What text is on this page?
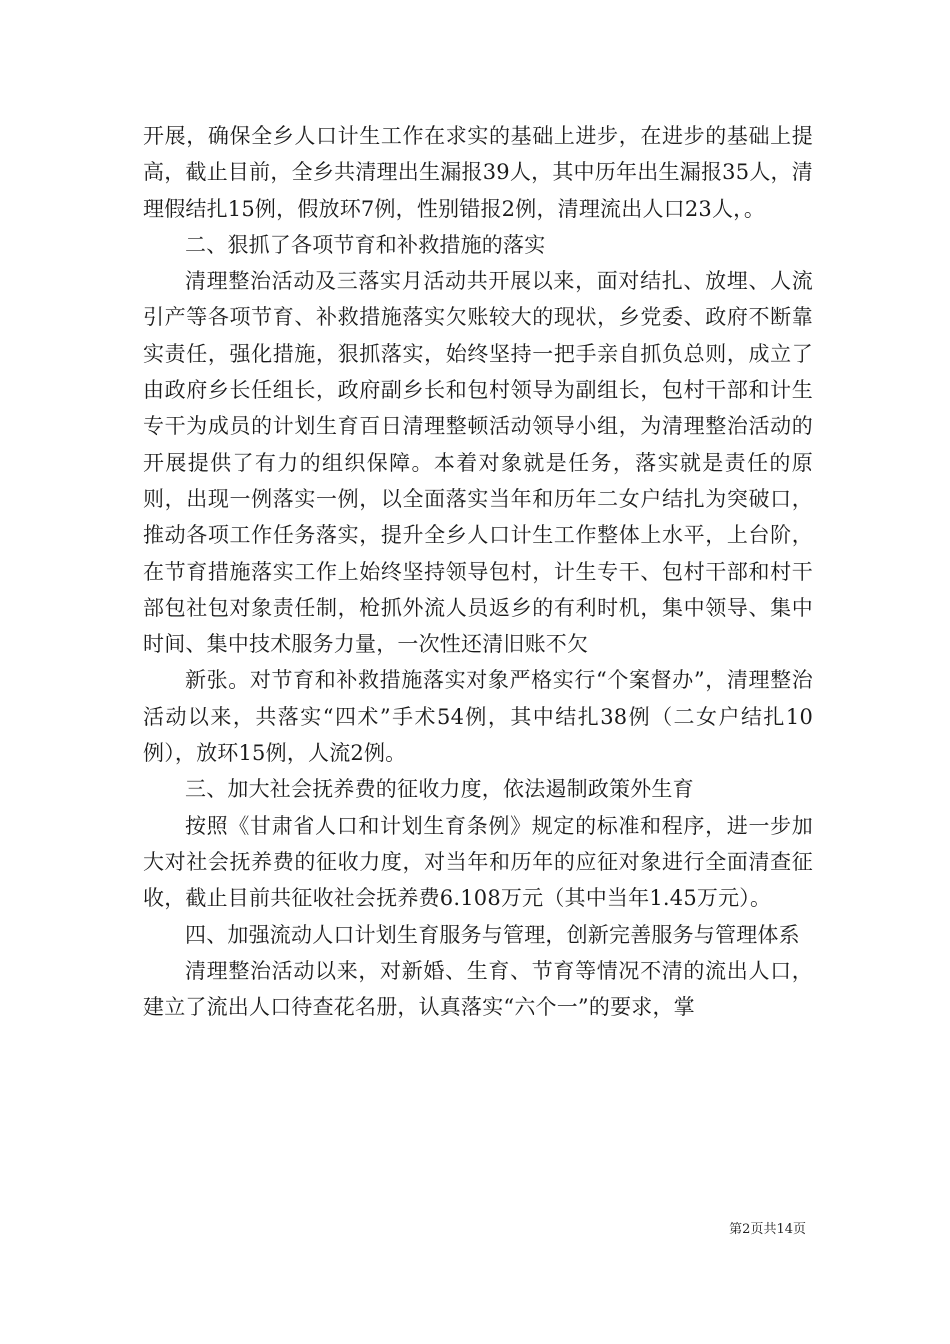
开展，确保全乡人口计生工作在求实的基础上进步，在进步的基础上提高，截止目前，全乡共清理出生漏报39人，其中历年出生漏报35人，清理假结扎15例，假放环7例，性别错报2例，清理流出人口23人，。

二、狠抓了各项节育和补救措施的落实

清理整治活动及三落实月活动共开展以来，面对结扎、放埋、人流引产等各项节育、补救措施落实欠账较大的现状，乡党委、政府不断靠实责任，强化措施，狠抓落实，始终坚持一把手亲自抓负总则，成立了由政府乡长任组长，政府副乡长和包村领导为副组长，包村干部和计生专干为成员的计划生育百日清理整顿活动领导小组，为清理整治活动的开展提供了有力的组织保障。本着对象就是任务，落实就是责任的原则，出现一例落实一例，以全面落实当年和历年二女户结扎为突破口，推动各项工作任务落实，提升全乡人口计生工作整体上水平，上台阶，在节育措施落实工作上始终坚持领导包村，计生专干、包村干部和村干部包社包对象责任制，枪抓外流人员返乡的有利时机，集中领导、集中时间、集中技术服务力量，一次性还清旧账不欠

新张。对节育和补救措施落实对象严格实行“个案督办”，清理整治活动以来，共落实“四术”手术54例，其中结扎38例（二女户结扎10例），放环15例，人流2例。

三、加大社会抚养费的征收力度，依法遏制政策外生育

按照《甘肃省人口和计划生育条例》规定的标准和程序，进一步加大对社会抚养费的征收力度，对当年和历年的应征对象进行全面清查征收，截止目前共征收社会抚养费6.108万元（其中当年1.45万元）。

四、加强流动人口计划生育服务与管理，创新完善服务与管理体系

清理整治活动以来，对新婚、生育、节育等情况不清的流出人口，建立了流出人口待查花名册，认真落实“六个一”的要求，掌

第2页共14页
